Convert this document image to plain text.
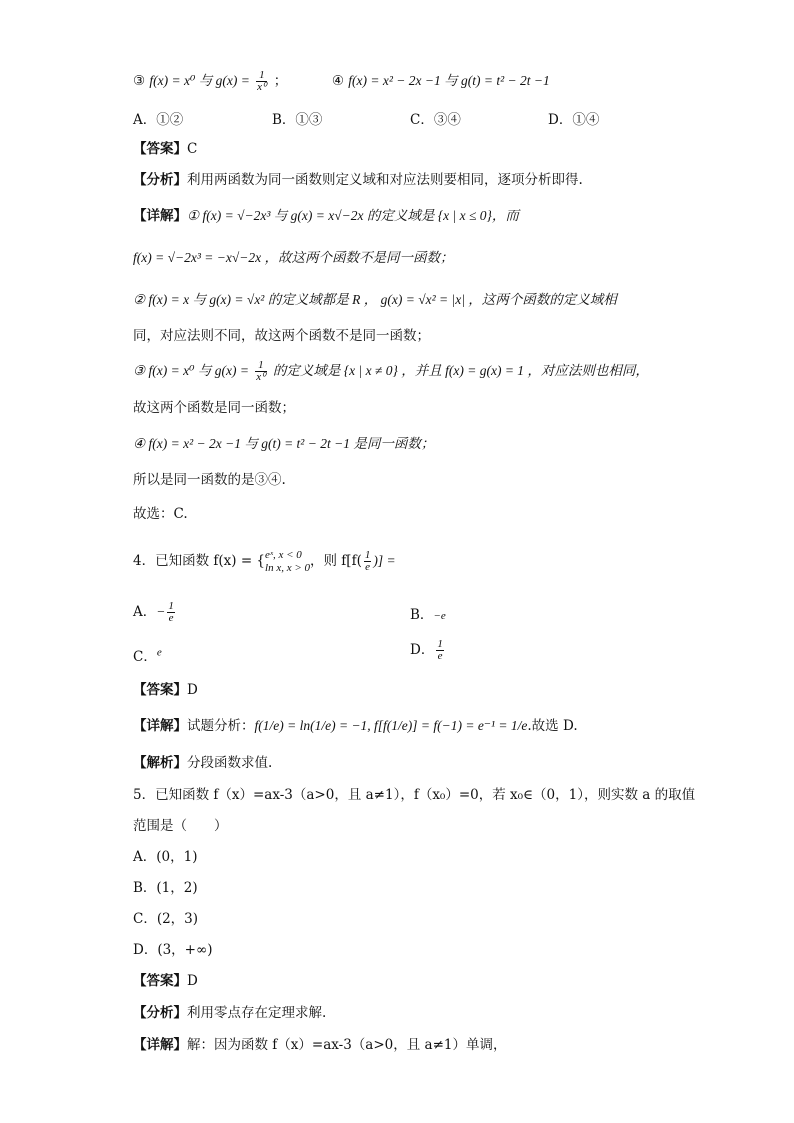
③ f(x) = x⁰ 与 $g(x) = \frac{1}{\text{x⁰}}$ ；	④ f(x) = x² − 2x −1 与 g(t) = t² − 2t −1
A．①②	B．①③	C．③④	D．①④
【答案】C
【分析】利用两函数为同一函数则定义域和对应法则要相同，逐项分析即得.
【详解】① f(x) = √−2x³ 与 g(x) = x√−2x 的定义域是 {x | x ≤ 0}，而
f(x) = √−2x³ = −x√−2x ，故这两个函数不是同一函数；
② f(x) = x 与 g(x) = √x² 的定义域都是 R ， g(x) = √x² = |x| ，这两个函数的定义域相
同，对应法则不同，故这两个函数不是同一函数；
③ f(x) = x⁰ 与 $g(x) = \frac{1}{\text{x⁰}}$ 的定义域是 {x | x ≠ 0} ，并且 f(x) = g(x) = 1 ，对应法则也相同，
故这两个函数是同一函数；
④ f(x) = x² − 2x −1 与 g(t) = t² − 2t −1 是同一函数；
所以是同一函数的是③④.
故选：C.
4．已知函数 f(x) = { eˣ, x < 0
ln x, x > 0 ，则 $f[f( \frac{1}{e}$ )] =
A．− $\frac{1}{e}$	B．−e
C．$^e$	D． $\frac{1}{e}$
【答案】D
【详解】试题分析：f(1/e) = ln(1/e) = −1, f[f(1/e)] = f(−1) = e⁻¹ = 1/e.故选 D.
【解析】分段函数求值.
5．已知函数 f（x）=ax-3（a>0，且 a≠1），f（x₀）=0，若 x₀∈（0，1），则实数 a 的取值
范围是（　　）
A．(0，1)
B．(1，2)
C．(2，3)
D．(3，+∞)
【答案】D
【分析】利用零点存在定理求解.
【详解】解：因为函数 f（x）=ax-3（a>0，且 a≠1）单调，
